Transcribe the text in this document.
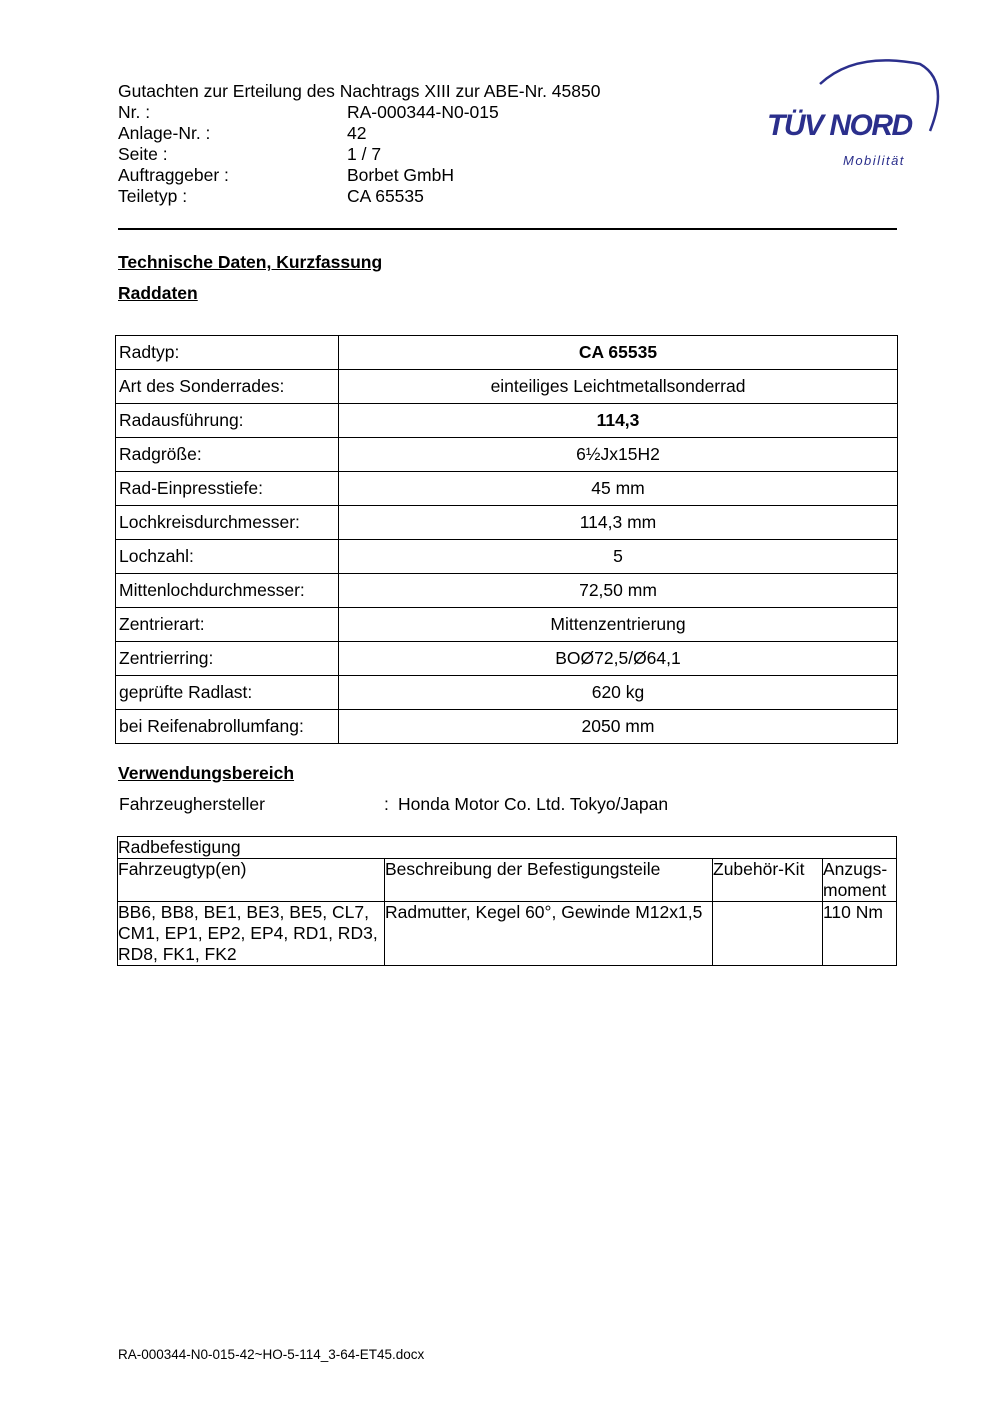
Gutachten zur Erteilung des Nachtrags XIII zur ABE-Nr. 45850
Nr. :	RA-000344-N0-015
Anlage-Nr. :	42
Seite :	1 / 7
Auftraggeber :	Borbet GmbH
Teiletyp :	CA 65535
TÜV NORD
Mobilität
Technische Daten, Kurzfassung
Raddaten
Radtyp:	CA 65535
Art des Sonderrades:	einteiliges Leichtmetallsonderrad
Radausführung:	114,3
Radgröße:	6½Jx15H2
Rad-Einpresstiefe:	45 mm
Lochkreisdurchmesser:	114,3 mm
Lochzahl:	5
Mittenlochdurchmesser:	72,50 mm
Zentrierart:	Mittenzentrierung
Zentrierring:	BOØ72,5/Ø64,1
geprüfte Radlast:	620 kg
bei Reifenabrollumfang:	2050 mm
Verwendungsbereich
Fahrzeughersteller	: Honda Motor Co. Ltd. Tokyo/Japan
Radbefestigung			
Fahrzeugtyp(en)	Beschreibung der Befestigungsteile	Zubehör-Kit	Anzugs-
moment
BB6, BB8, BE1, BE3, BE5, CL7, CM1, EP1, EP2, EP4, RD1, RD3, RD8, FK1, FK2	Radmutter, Kegel 60°, Gewinde M12x1,5		110 Nm
RA-000344-N0-015-42~HO-5-114_3-64-ET45.docx
